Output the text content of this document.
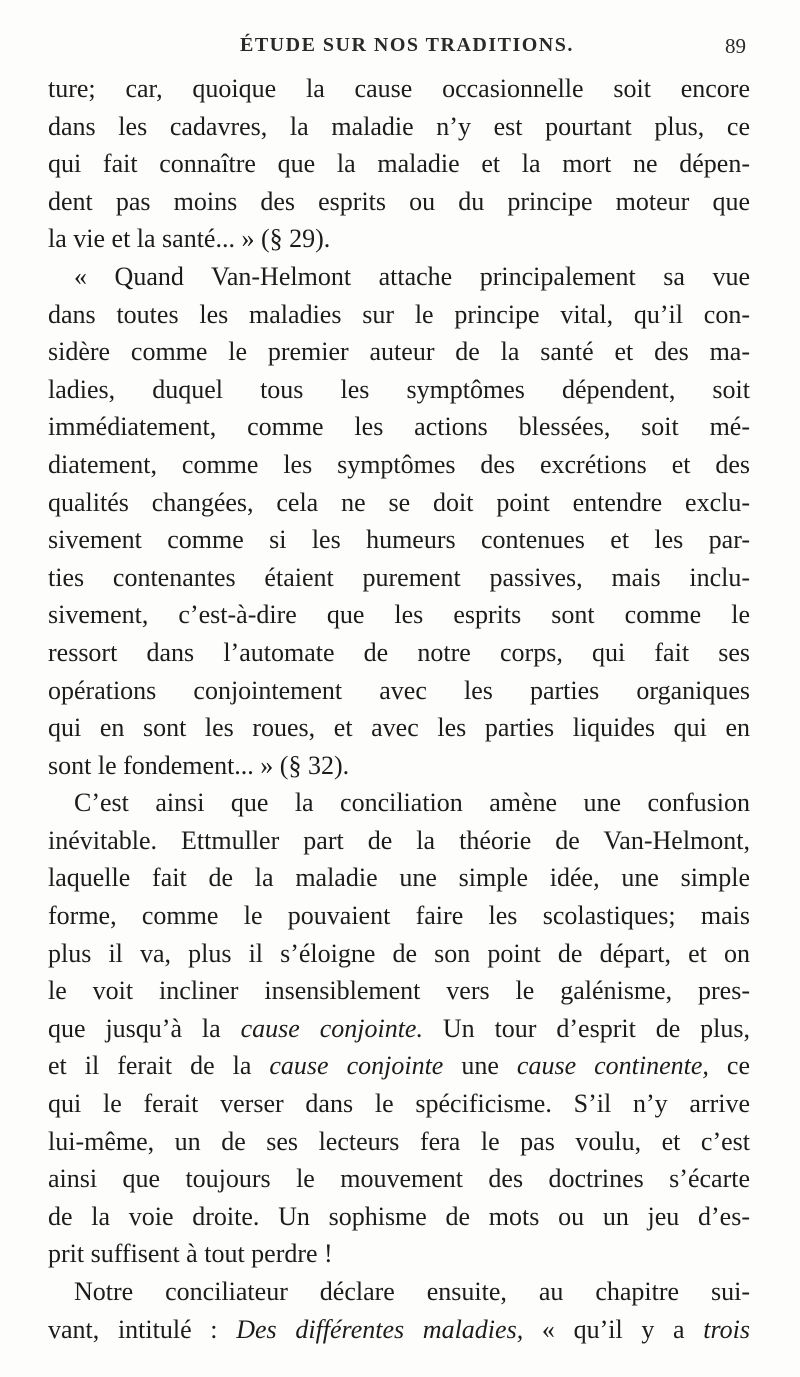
ÉTUDE SUR NOS TRADITIONS.	89
ture; car, quoique la cause occasionnelle soit encore
dans les cadavres, la maladie n’y est pourtant plus, ce
qui fait connaître que la maladie et la mort ne dépen-
dent pas moins des esprits ou du principe moteur que
la vie et la santé... » (§ 29).
« Quand Van-Helmont attache principalement sa vue
dans toutes les maladies sur le principe vital, qu’il con-
sidère comme le premier auteur de la santé et des ma-
ladies, duquel tous les symptômes dépendent, soit
immédiatement, comme les actions blessées, soit mé-
diatement, comme les symptômes des excrétions et des
qualités changées, cela ne se doit point entendre exclu-
sivement comme si les humeurs contenues et les par-
ties contenantes étaient purement passives, mais inclu-
sivement, c’est-à-dire que les esprits sont comme le
ressort dans l’automate de notre corps, qui fait ses
opérations conjointement avec les parties organiques
qui en sont les roues, et avec les parties liquides qui en
sont le fondement... » (§ 32).
C’est ainsi que la conciliation amène une confusion
inévitable. Ettmuller part de la théorie de Van-Helmont,
laquelle fait de la maladie une simple idée, une simple
forme, comme le pouvaient faire les scolastiques; mais
plus il va, plus il s’éloigne de son point de départ, et on
le voit incliner insensiblement vers le galénisme, pres-
que jusqu’à la cause conjointe. Un tour d’esprit de plus,
et il ferait de la cause conjointe une cause continente, ce
qui le ferait verser dans le spécificisme. S’il n’y arrive
lui-même, un de ses lecteurs fera le pas voulu, et c’est
ainsi que toujours le mouvement des doctrines s’écarte
de la voie droite. Un sophisme de mots ou un jeu d’es-
prit suffisent à tout perdre !
Notre conciliateur déclare ensuite, au chapitre sui-
vant, intitulé : Des différentes maladies, « qu’il y a trois
